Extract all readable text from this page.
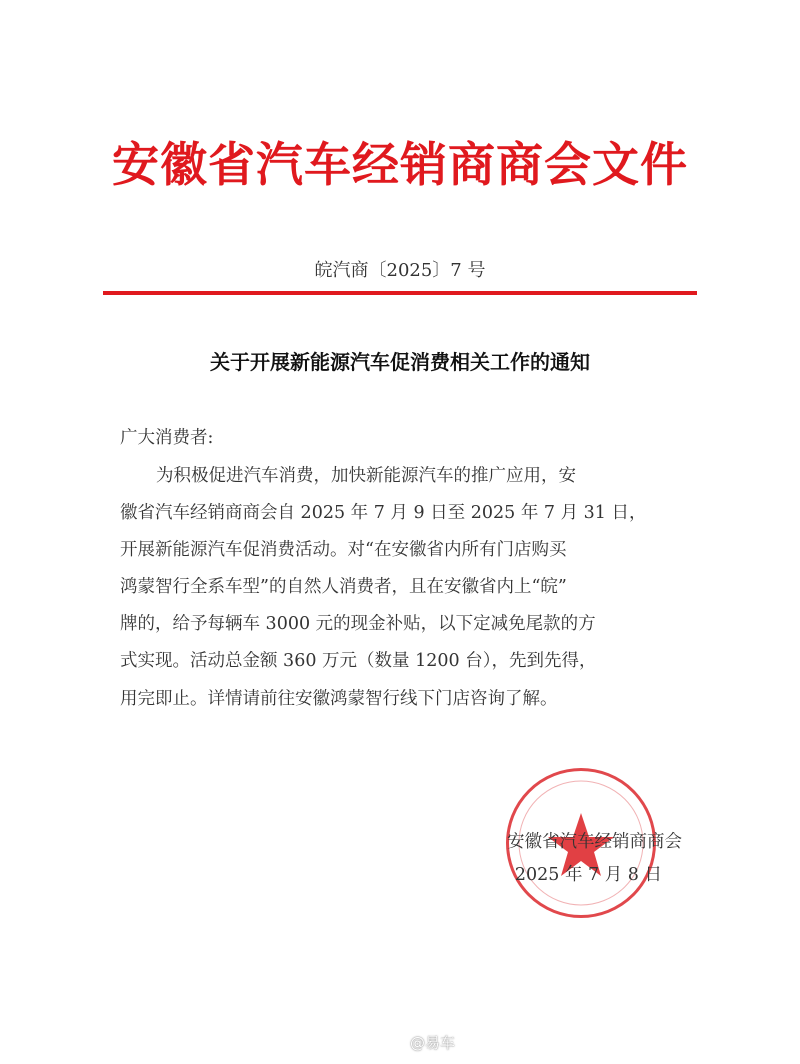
安徽省汽车经销商商会文件
皖汽商〔2025〕7 号
关于开展新能源汽车促消费相关工作的通知
广大消费者:
为积极促进汽车消费，加快新能源汽车的推广应用，安
徽省汽车经销商商会自 2025 年 7 月 9 日至 2025 年 7 月 31 日，
开展新能源汽车促消费活动。对“在安徽省内所有门店购买
鸿蒙智行全系车型”的自然人消费者，且在安徽省内上“皖”
牌的，给予每辆车 3000 元的现金补贴，以下定减免尾款的方
式实现。活动总金额 360 万元（数量 1200 台），先到先得，
用完即止。详情请前往安徽鸿蒙智行线下门店咨询了解。
安徽省汽车经销商商会
2025 年 7 月 8 日
@易车
